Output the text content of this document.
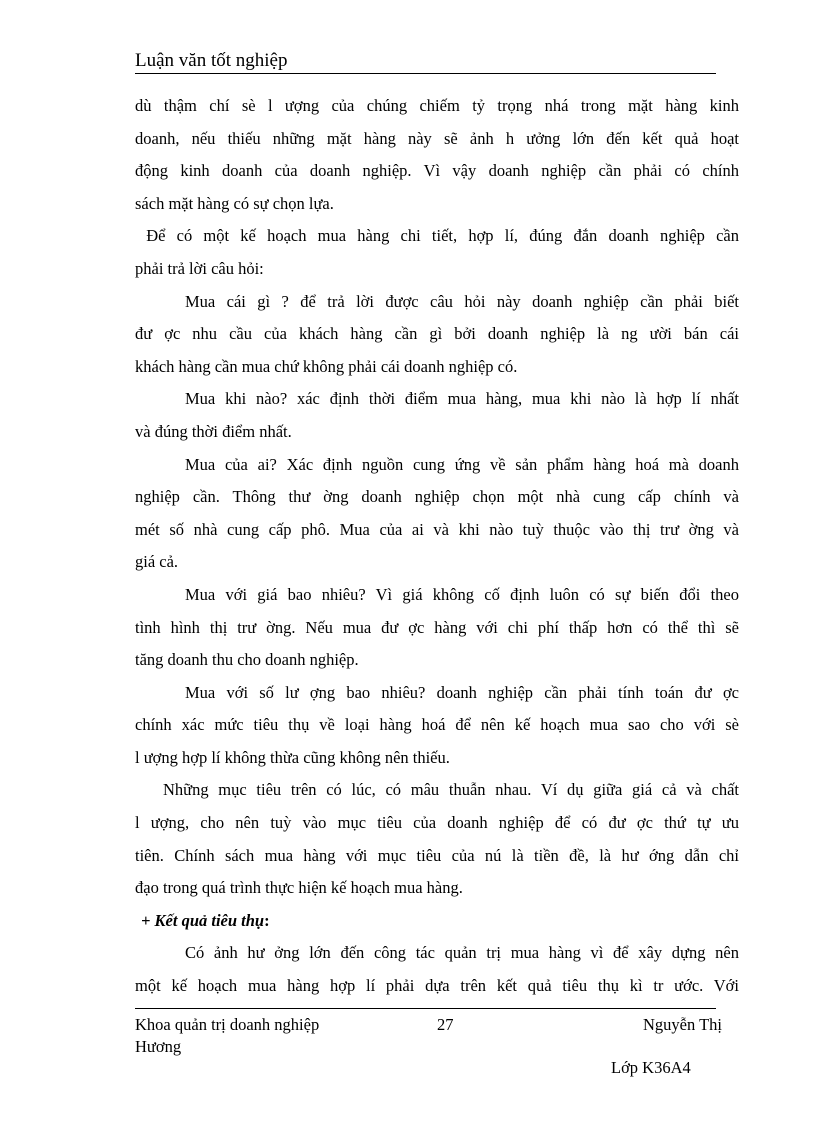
Luận văn tốt nghiệp
dù thậm chí sè l ượng của chúng chiếm tỷ trọng nhá trong mặt hàng kinh
doanh, nếu thiếu những mặt hàng này sẽ ảnh h ưởng lớn đến kết quả hoạt
động kinh doanh của doanh nghiệp. Vì vậy doanh nghiệp cần phải có chính
sách mặt hàng có sự chọn lựa.
Để có một kế hoạch mua hàng chi tiết, hợp lí, đúng đắn doanh nghiệp cần
phải trả lời câu hỏi:
Mua cái gì ? để trả lời được câu hỏi này doanh nghiệp cần phải biết
đư ợc nhu cầu của khách hàng cần gì bởi doanh nghiệp là ng ười bán cái
khách hàng cần mua chứ không phải cái doanh nghiệp có.
Mua khi nào? xác định thời điểm mua hàng, mua khi nào là hợp lí nhất
và đúng thời điểm nhất.
Mua của ai? Xác định nguồn cung ứng về sản phẩm hàng hoá mà doanh
nghiệp cần. Thông thư ờng doanh nghiệp chọn một nhà cung cấp chính và
mét số nhà cung cấp phô. Mua của ai và khi nào tuỳ thuộc vào thị trư ờng và
giá cả.
Mua với giá bao nhiêu? Vì giá không cố định luôn có sự biến đổi theo
tình hình thị trư ờng. Nếu mua đư ợc hàng với chi phí thấp hơn có thể thì sẽ
tăng doanh thu cho doanh nghiệp.
Mua với số lư ợng bao nhiêu? doanh nghiệp cần phải tính toán đư ợc
chính xác mức tiêu thụ về loại hàng hoá để nên kế hoạch mua sao cho với sè
l ượng hợp lí không thừa cũng không nên thiếu.
Những mục tiêu trên có lúc, có mâu thuẫn nhau. Ví dụ giữa giá cả và chất
l ượng, cho nên tuỳ vào mục tiêu của doanh nghiệp để có đư ợc thứ tự ưu
tiên. Chính sách mua hàng với mục tiêu của nú là tiền đề, là hư ớng dẫn chỉ
đạo trong quá trình thực hiện kế hoạch mua hàng.
+ Kết quả tiêu thụ:
Có ảnh hư ởng lớn đến công tác quản trị mua hàng vì để xây dựng nên
một kế hoạch mua hàng hợp lí phải dựa trên kết quả tiêu thụ kì tr ước. Với
Khoa quản trị doanh nghiệp	27	Nguyễn Thị
Hương
Lớp K36A4
